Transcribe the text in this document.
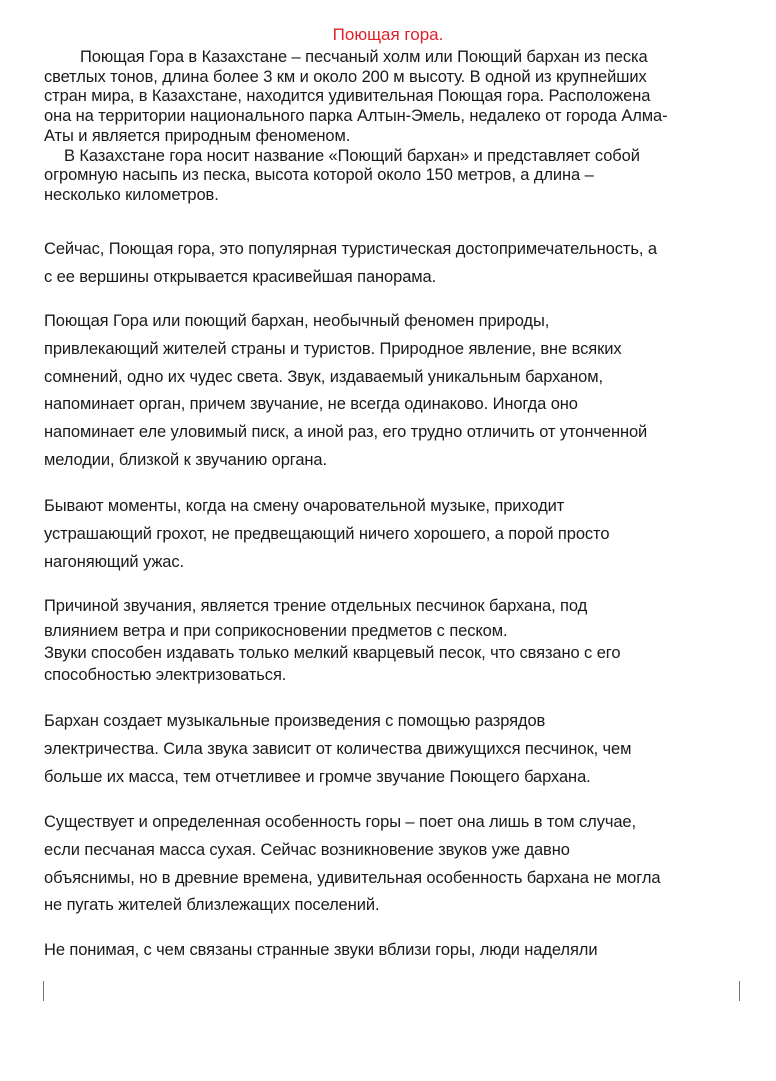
Поющая гора.

Поющая Гора в Казахстане – песчаный холм или Поющий бархан из песка
светлых тонов, длина более 3 км и около 200 м высоту. В одной из крупнейших
стран мира, в Казахстане, находится удивительная Поющая гора. Расположена
она на территории национального парка Алтын-Эмель, недалеко от города Алма-
Аты и является природным феноменом.

В Казахстане гора носит название «Поющий бархан» и представляет собой
огромную насыпь из песка, высота которой около 150 метров, а длина –
несколько километров.

Сейчас, Поющая гора, это популярная туристическая достопримечательность, а
с ее вершины открывается красивейшая панорама.

Поющая Гора или поющий бархан, необычный феномен природы,
привлекающий жителей страны и туристов. Природное явление, вне всяких
сомнений, одно их чудес света. Звук, издаваемый уникальным барханом,
напоминает орган, причем звучание, не всегда одинаково. Иногда оно
напоминает еле уловимый писк, а иной раз, его трудно отличить от утонченной
мелодии, близкой к звучанию органа.

Бывают моменты, когда на смену очаровательной музыке, приходит
устрашающий грохот, не предвещающий ничего хорошего, а порой просто
нагоняющий ужас.

Причиной звучания, является трение отдельных песчинок бархана, под
влиянием ветра и при соприкосновении предметов с песком.
Звуки способен издавать только мелкий кварцевый песок, что связано с его
способностью электризоваться.

Бархан создает музыкальные произведения с помощью разрядов
электричества. Сила звука зависит от количества движущихся песчинок, чем
больше их масса, тем отчетливее и громче звучание Поющего бархана.

Существует и определенная особенность горы – поет она лишь в том случае,
если песчаная масса сухая. Сейчас возникновение звуков уже давно
объяснимы, но в древние времена, удивительная особенность бархана не могла
не пугать жителей близлежащих поселений.

Не понимая, с чем связаны странные звуки вблизи горы, люди наделяли
